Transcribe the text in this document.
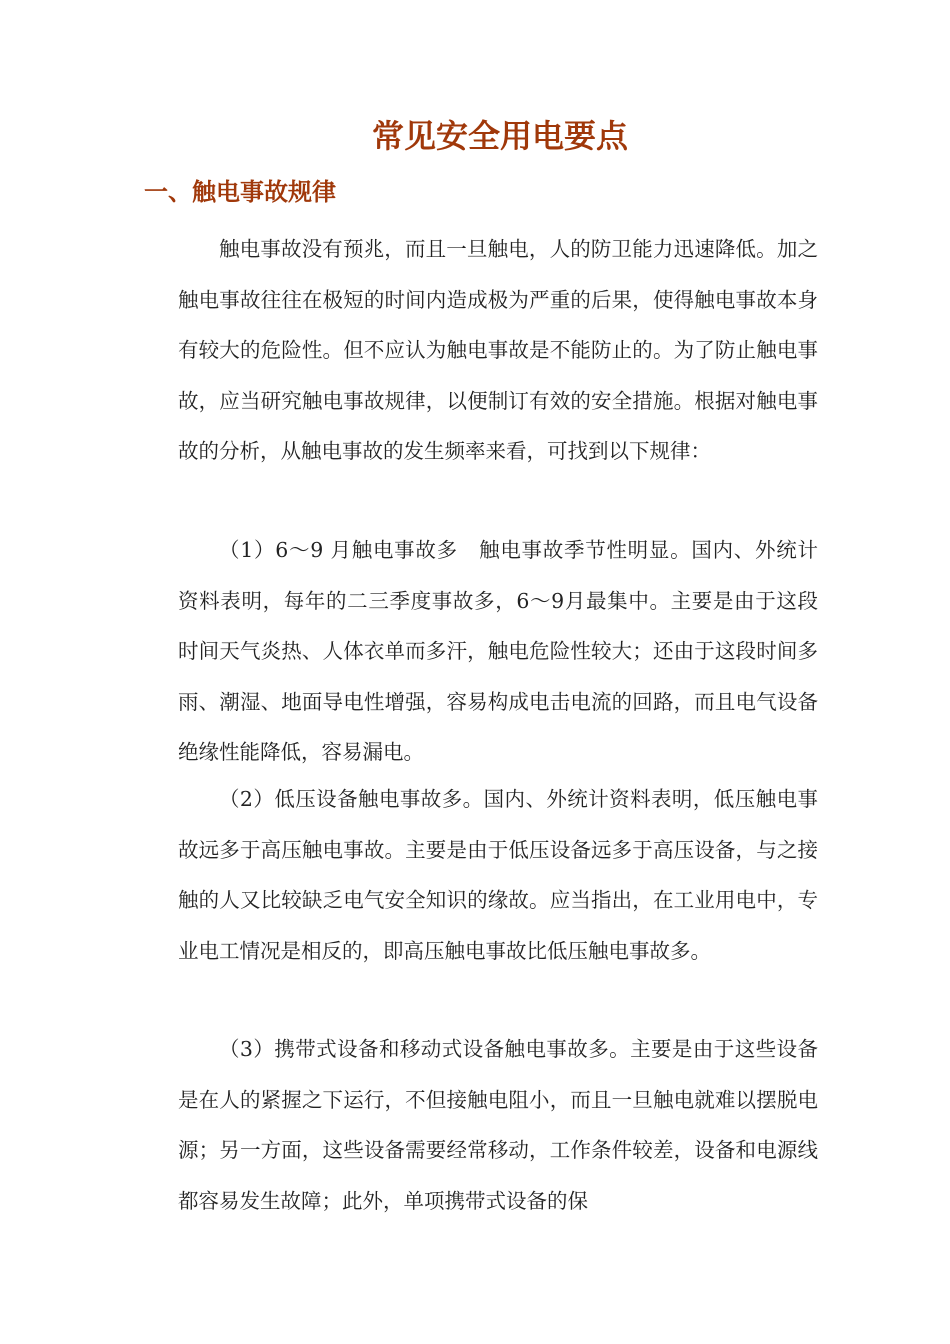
常见安全用电要点
一、触电事故规律

触电事故没有预兆，而且一旦触电，人的防卫能力迅速降低。加之触电事故往往在极短的时间内造成极为严重的后果，使得触电事故本身有较大的危险性。但不应认为触电事故是不能防止的。为了防止触电事故，应当研究触电事故规律，以便制订有效的安全措施。根据对触电事故的分析，从触电事故的发生频率来看，可找到以下规律：

（1）6～9 月触电事故多　触电事故季节性明显。国内、外统计资料表明，每年的二三季度事故多，6～9月最集中。主要是由于这段时间天气炎热、人体衣单而多汗，触电危险性较大；还由于这段时间多雨、潮湿、地面导电性增强，容易构成电击电流的回路，而且电气设备绝缘性能降低，容易漏电。

（2）低压设备触电事故多。国内、外统计资料表明，低压触电事故远多于高压触电事故。主要是由于低压设备远多于高压设备，与之接触的人又比较缺乏电气安全知识的缘故。应当指出，在工业用电中，专业电工情况是相反的，即高压触电事故比低压触电事故多。

（3）携带式设备和移动式设备触电事故多。主要是由于这些设备是在人的紧握之下运行，不但接触电阻小，而且一旦触电就难以摆脱电源；另一方面，这些设备需要经常移动，工作条件较差，设备和电源线都容易发生故障；此外，单项携带式设备的保
